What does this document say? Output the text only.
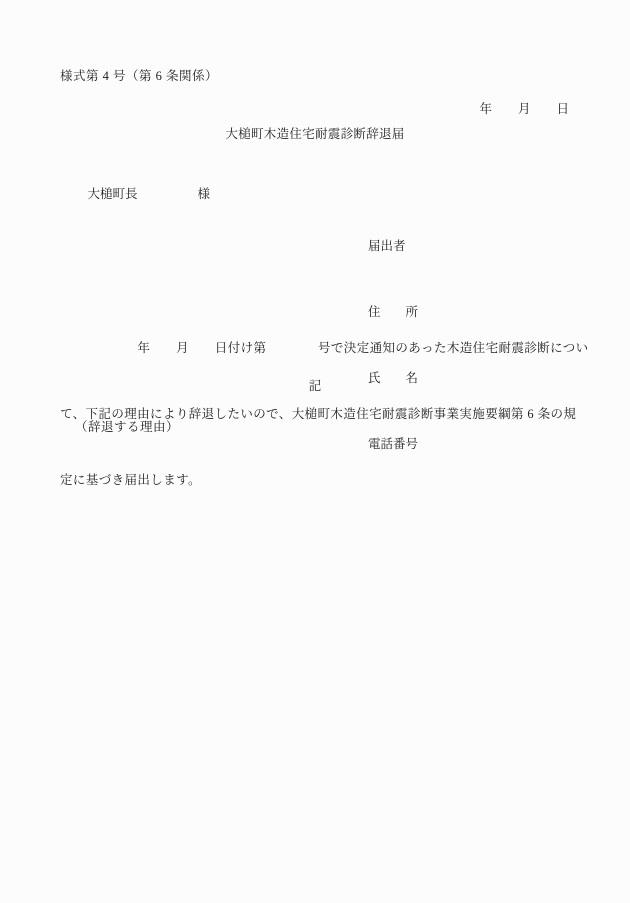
様式第 4 号（第 6 条関係）

年 月 日

大槌町木造住宅耐震診断辞退届

大槌町長	様

届出者

住　　所

氏　　名

電話番号

　　　　　　年　　月　　日付け第　　　　号で決定通知のあった木造住宅耐震診断につい

て、下記の理由により辞退したいので、大槌町木造住宅耐震診断事業実施要綱第 6 条の規

定に基づき届出します。

記
（辞退する理由）
